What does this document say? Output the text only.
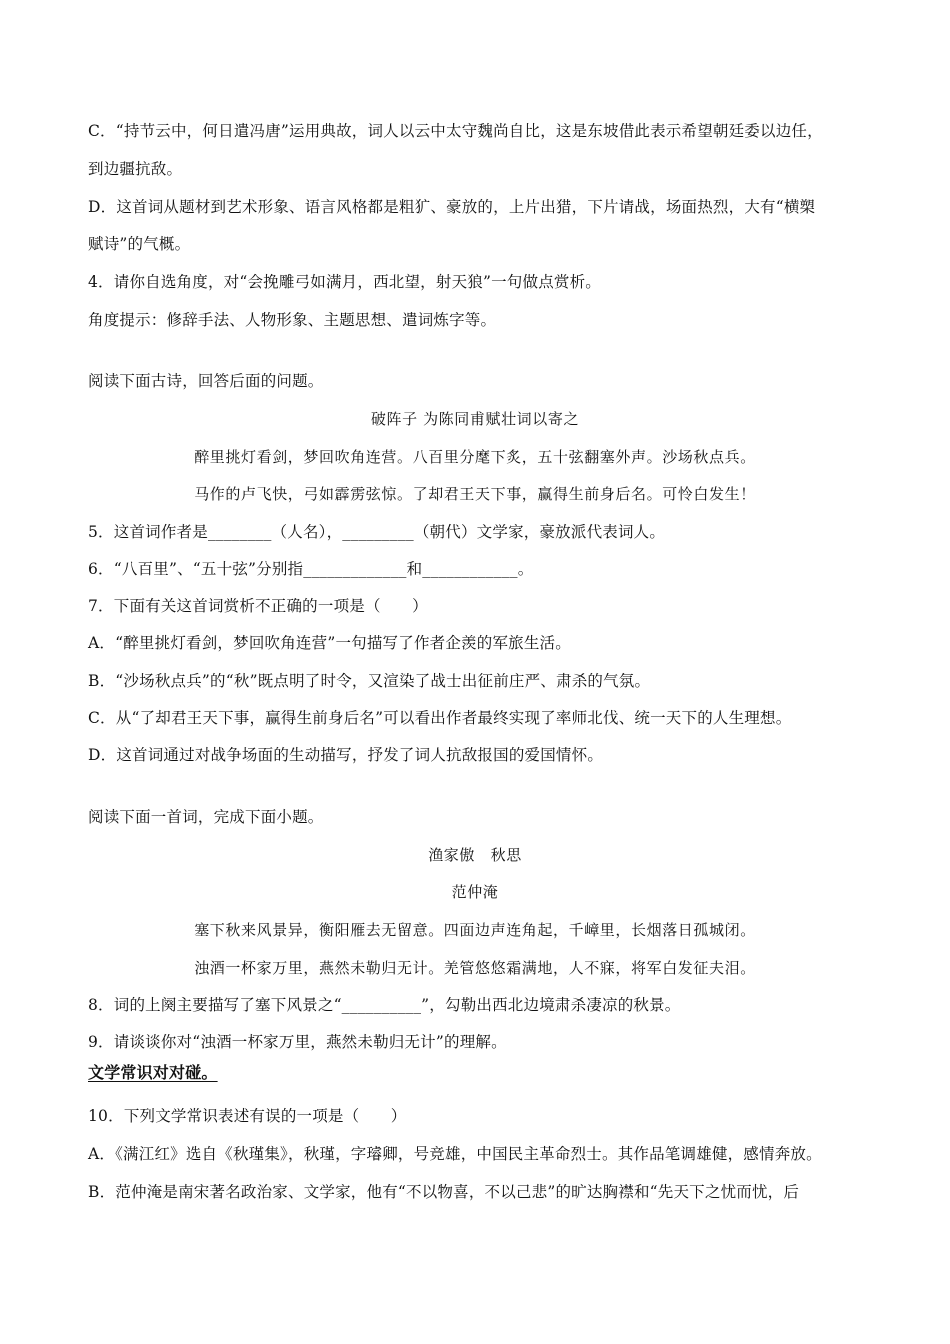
C．“持节云中，何日遣冯唐”运用典故，词人以云中太守魏尚自比，这是东坡借此表示希望朝廷委以边任，
到边疆抗敌。
D．这首词从题材到艺术形象、语言风格都是粗犷、豪放的，上片出猎，下片请战，场面热烈，大有“横槊
赋诗”的气概。
4．请你自选角度，对“会挽雕弓如满月，西北望，射天狼”一句做点赏析。
角度提示：修辞手法、人物形象、主题思想、遣词炼字等。
阅读下面古诗，回答后面的问题。
破阵子 为陈同甫赋壮词以寄之
醉里挑灯看剑，梦回吹角连营。八百里分麾下炙，五十弦翻塞外声。沙场秋点兵。
马作的卢飞快，弓如霹雳弦惊。了却君王天下事，赢得生前身后名。可怜白发生！
5．这首词作者是________（人名），_________（朝代）文学家，豪放派代表词人。
6．“八百里”、“五十弦”分别指_____________和____________。
7．下面有关这首词赏析不正确的一项是（　　）
A．“醉里挑灯看剑，梦回吹角连营”一句描写了作者企羡的军旅生活。
B．“沙场秋点兵”的“秋”既点明了时令，又渲染了战士出征前庄严、肃杀的气氛。
C．从“了却君王天下事，赢得生前身后名”可以看出作者最终实现了率师北伐、统一天下的人生理想。
D．这首词通过对战争场面的生动描写，抒发了词人抗敌报国的爱国情怀。
阅读下面一首词，完成下面小题。
渔家傲　秋思
范仲淹
塞下秋来风景异，衡阳雁去无留意。四面边声连角起，千嶂里，长烟落日孤城闭。
浊酒一杯家万里，燕然未勒归无计。羌管悠悠霜满地，人不寐，将军白发征夫泪。
8．词的上阕主要描写了塞下风景之“__________”，勾勒出西北边境肃杀凄凉的秋景。
9．请谈谈你对“浊酒一杯家万里，燕然未勒归无计”的理解。
文学常识对对碰。
10．下列文学常识表述有误的一项是（　　）
A．《满江红》选自《秋瑾集》，秋瑾，字璿卿，号竞雄，中国民主革命烈士。其作品笔调雄健，感情奔放。
B．范仲淹是南宋著名政治家、文学家，他有“不以物喜，不以己悲”的旷达胸襟和“先天下之忧而忧，后
